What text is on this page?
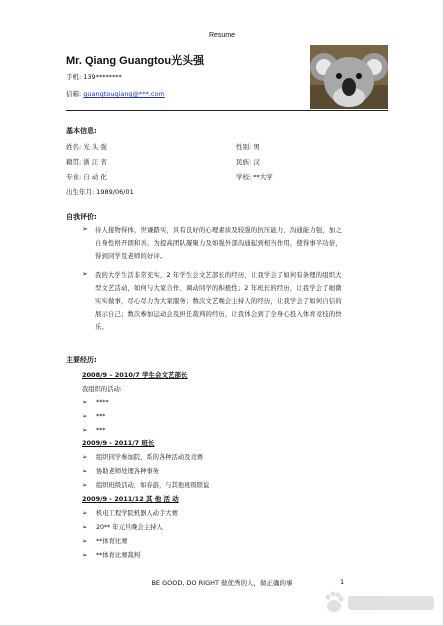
Resume
Mr. Qiang Guangtou光头强
手机: 139********
信箱: guangtouqiang@***.com
基本信息:
姓名: 光 头 强	性别: 男
籍贯: 浙 江 省	民族: 汉
专业: 自 动 化	学校: **大学
出生年月: 1989/06/01
自我评价:
➢ 待人接物得体，世谦踏实，具有良好的心理素质及较强的抗压能力，沟通能力强，加之
自身性格开朗和善，为提高团队凝聚力及如强外部沟通起到相当作用，使得事半功倍，
得到同学及老师的好评。
➢ 我的大学生活非常充实，2 年学生会文艺部长的经历，让我学会了如何有条理的组织大
型文艺活动，如何与大家合作、调动同学的积极性；2 年班长的经历，让我学会了细微
实实做事，尽心尽力为大家服务；数次文艺晚会主持人的经历，让我学会了如何自信的
展示自己；数次参加运动会及担任裁判的经历，让我体会到了全身心投入体育竞技的快
乐。
主要经历:
2008/9 – 2010/7 学生会文艺部长
我组织的活动:
➢ ****
➢ ***
➢ ***
2009/9 - 2011/7 班长
➢ 组织同学参加院、系的各种活动及竞赛
➢ 协助老师处理各种事务
➢ 组织班级活动，如春游，与其他班级联谊
2009/9 - 2011/12 其 他 活 动
➢ 机电工程学院机器人动手大赛
➢ 20** 年元旦晚会主持人
➢ **体育比赛
➢ **体育比赛裁判
BE GOOD, DO RIGHT 做优秀的人，做正确的事	1
